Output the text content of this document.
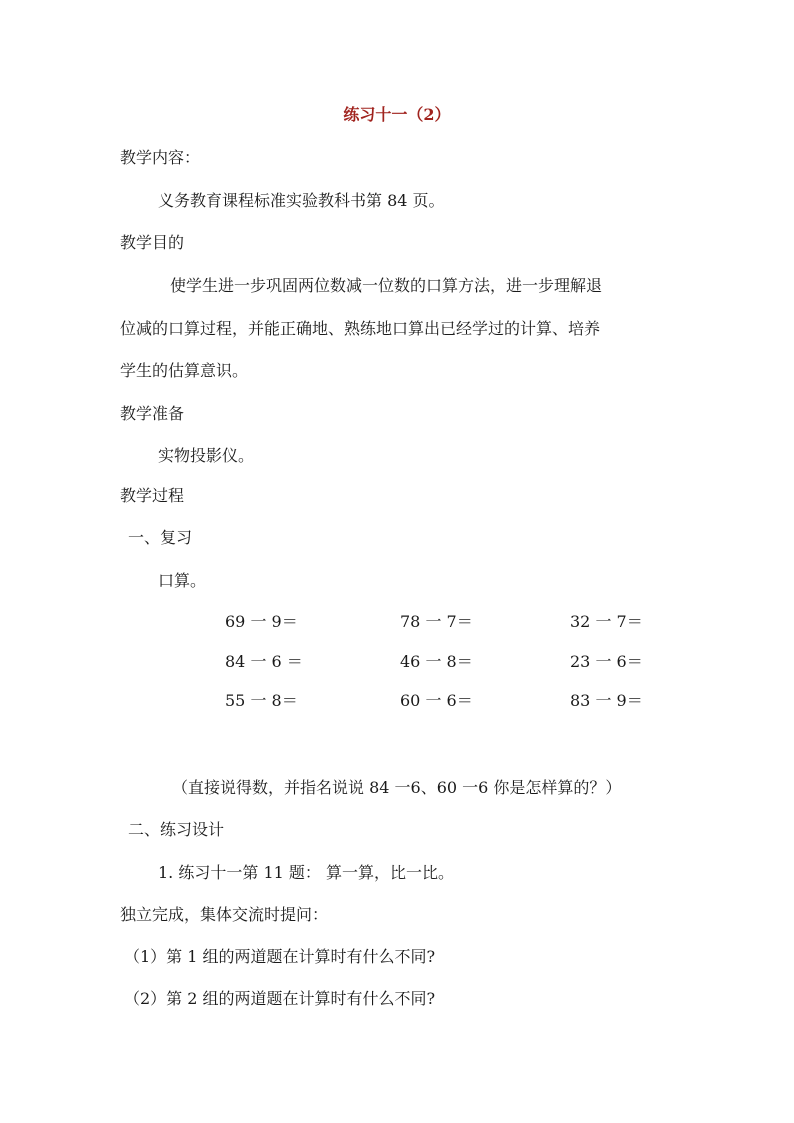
练习十一（2）
教学内容：
义务教育课程标准实验教科书第 84 页。
教学目的
使学生进一步巩固两位数减一位数的口算方法，进一步理解退
位减的口算过程，并能正确地、熟练地口算出已经学过的计算、培养
学生的估算意识。
教学准备
实物投影仪。
教学过程
一、复习
口算。
69 一 9＝	78 一 7＝	32 一 7＝
84 一 6 ＝	46 一 8＝	23 一 6＝
55 一 8＝	60 一 6＝	83 一 9＝
（直接说得数，并指名说说 84 一6、60 一6 你是怎样算的？）
二、练习设计
1. 练习十一第 11 题： 算一算，比一比。
独立完成，集体交流时提问：
（1）第 1 组的两道题在计算时有什么不同?
（2）第 2 组的两道题在计算时有什么不同?
